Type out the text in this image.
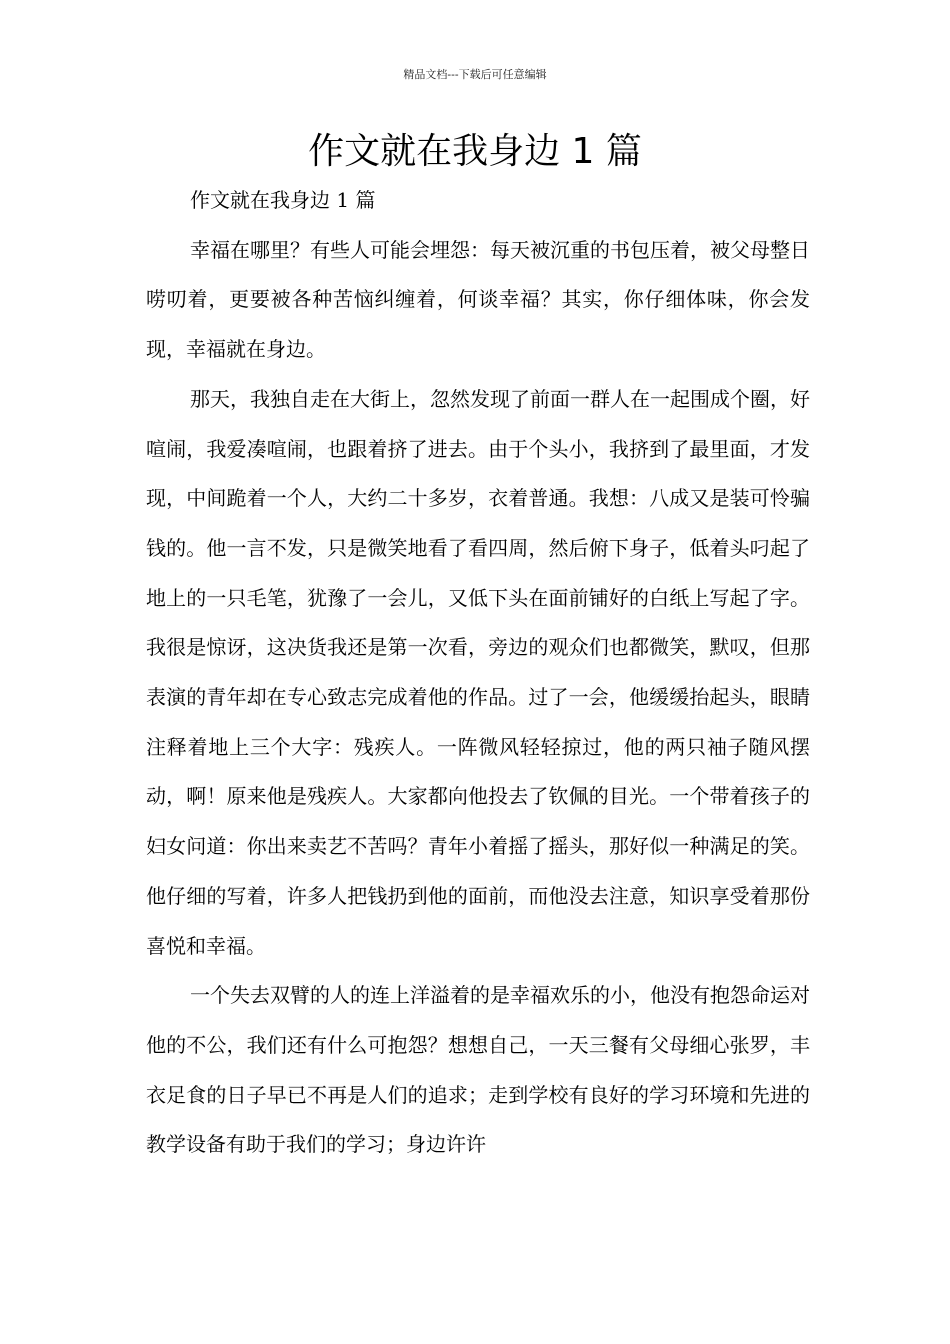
精品文档---下载后可任意编辑
作文就在我身边 1 篇

作文就在我身边 1 篇

幸福在哪里？有些人可能会埋怨：每天被沉重的书包压着，被父母整日唠叨着，更要被各种苦恼纠缠着，何谈幸福？其实，你仔细体味，你会发现，幸福就在身边。

那天，我独自走在大街上，忽然发现了前面一群人在一起围成个圈，好喧闹，我爱凑喧闹，也跟着挤了进去。由于个头小，我挤到了最里面，才发现，中间跪着一个人，大约二十多岁，衣着普通。我想：八成又是装可怜骗钱的。他一言不发，只是微笑地看了看四周，然后俯下身子，低着头叼起了地上的一只毛笔，犹豫了一会儿，又低下头在面前铺好的白纸上写起了字。我很是惊讶，这决货我还是第一次看，旁边的观众们也都微笑，默叹，但那表演的青年却在专心致志完成着他的作品。过了一会，他缓缓抬起头，眼睛注释着地上三个大字：残疾人。一阵微风轻轻掠过，他的两只袖子随风摆动，啊！原来他是残疾人。大家都向他投去了钦佩的目光。一个带着孩子的妇女问道：你出来卖艺不苦吗？青年小着摇了摇头，那好似一种满足的笑。他仔细的写着，许多人把钱扔到他的面前，而他没去注意，知识享受着那份喜悦和幸福。

一个失去双臂的人的连上洋溢着的是幸福欢乐的小，他没有抱怨命运对他的不公，我们还有什么可抱怨？想想自己，一天三餐有父母细心张罗，丰衣足食的日子早已不再是人们的追求；走到学校有良好的学习环境和先进的教学设备有助于我们的学习；身边许许
